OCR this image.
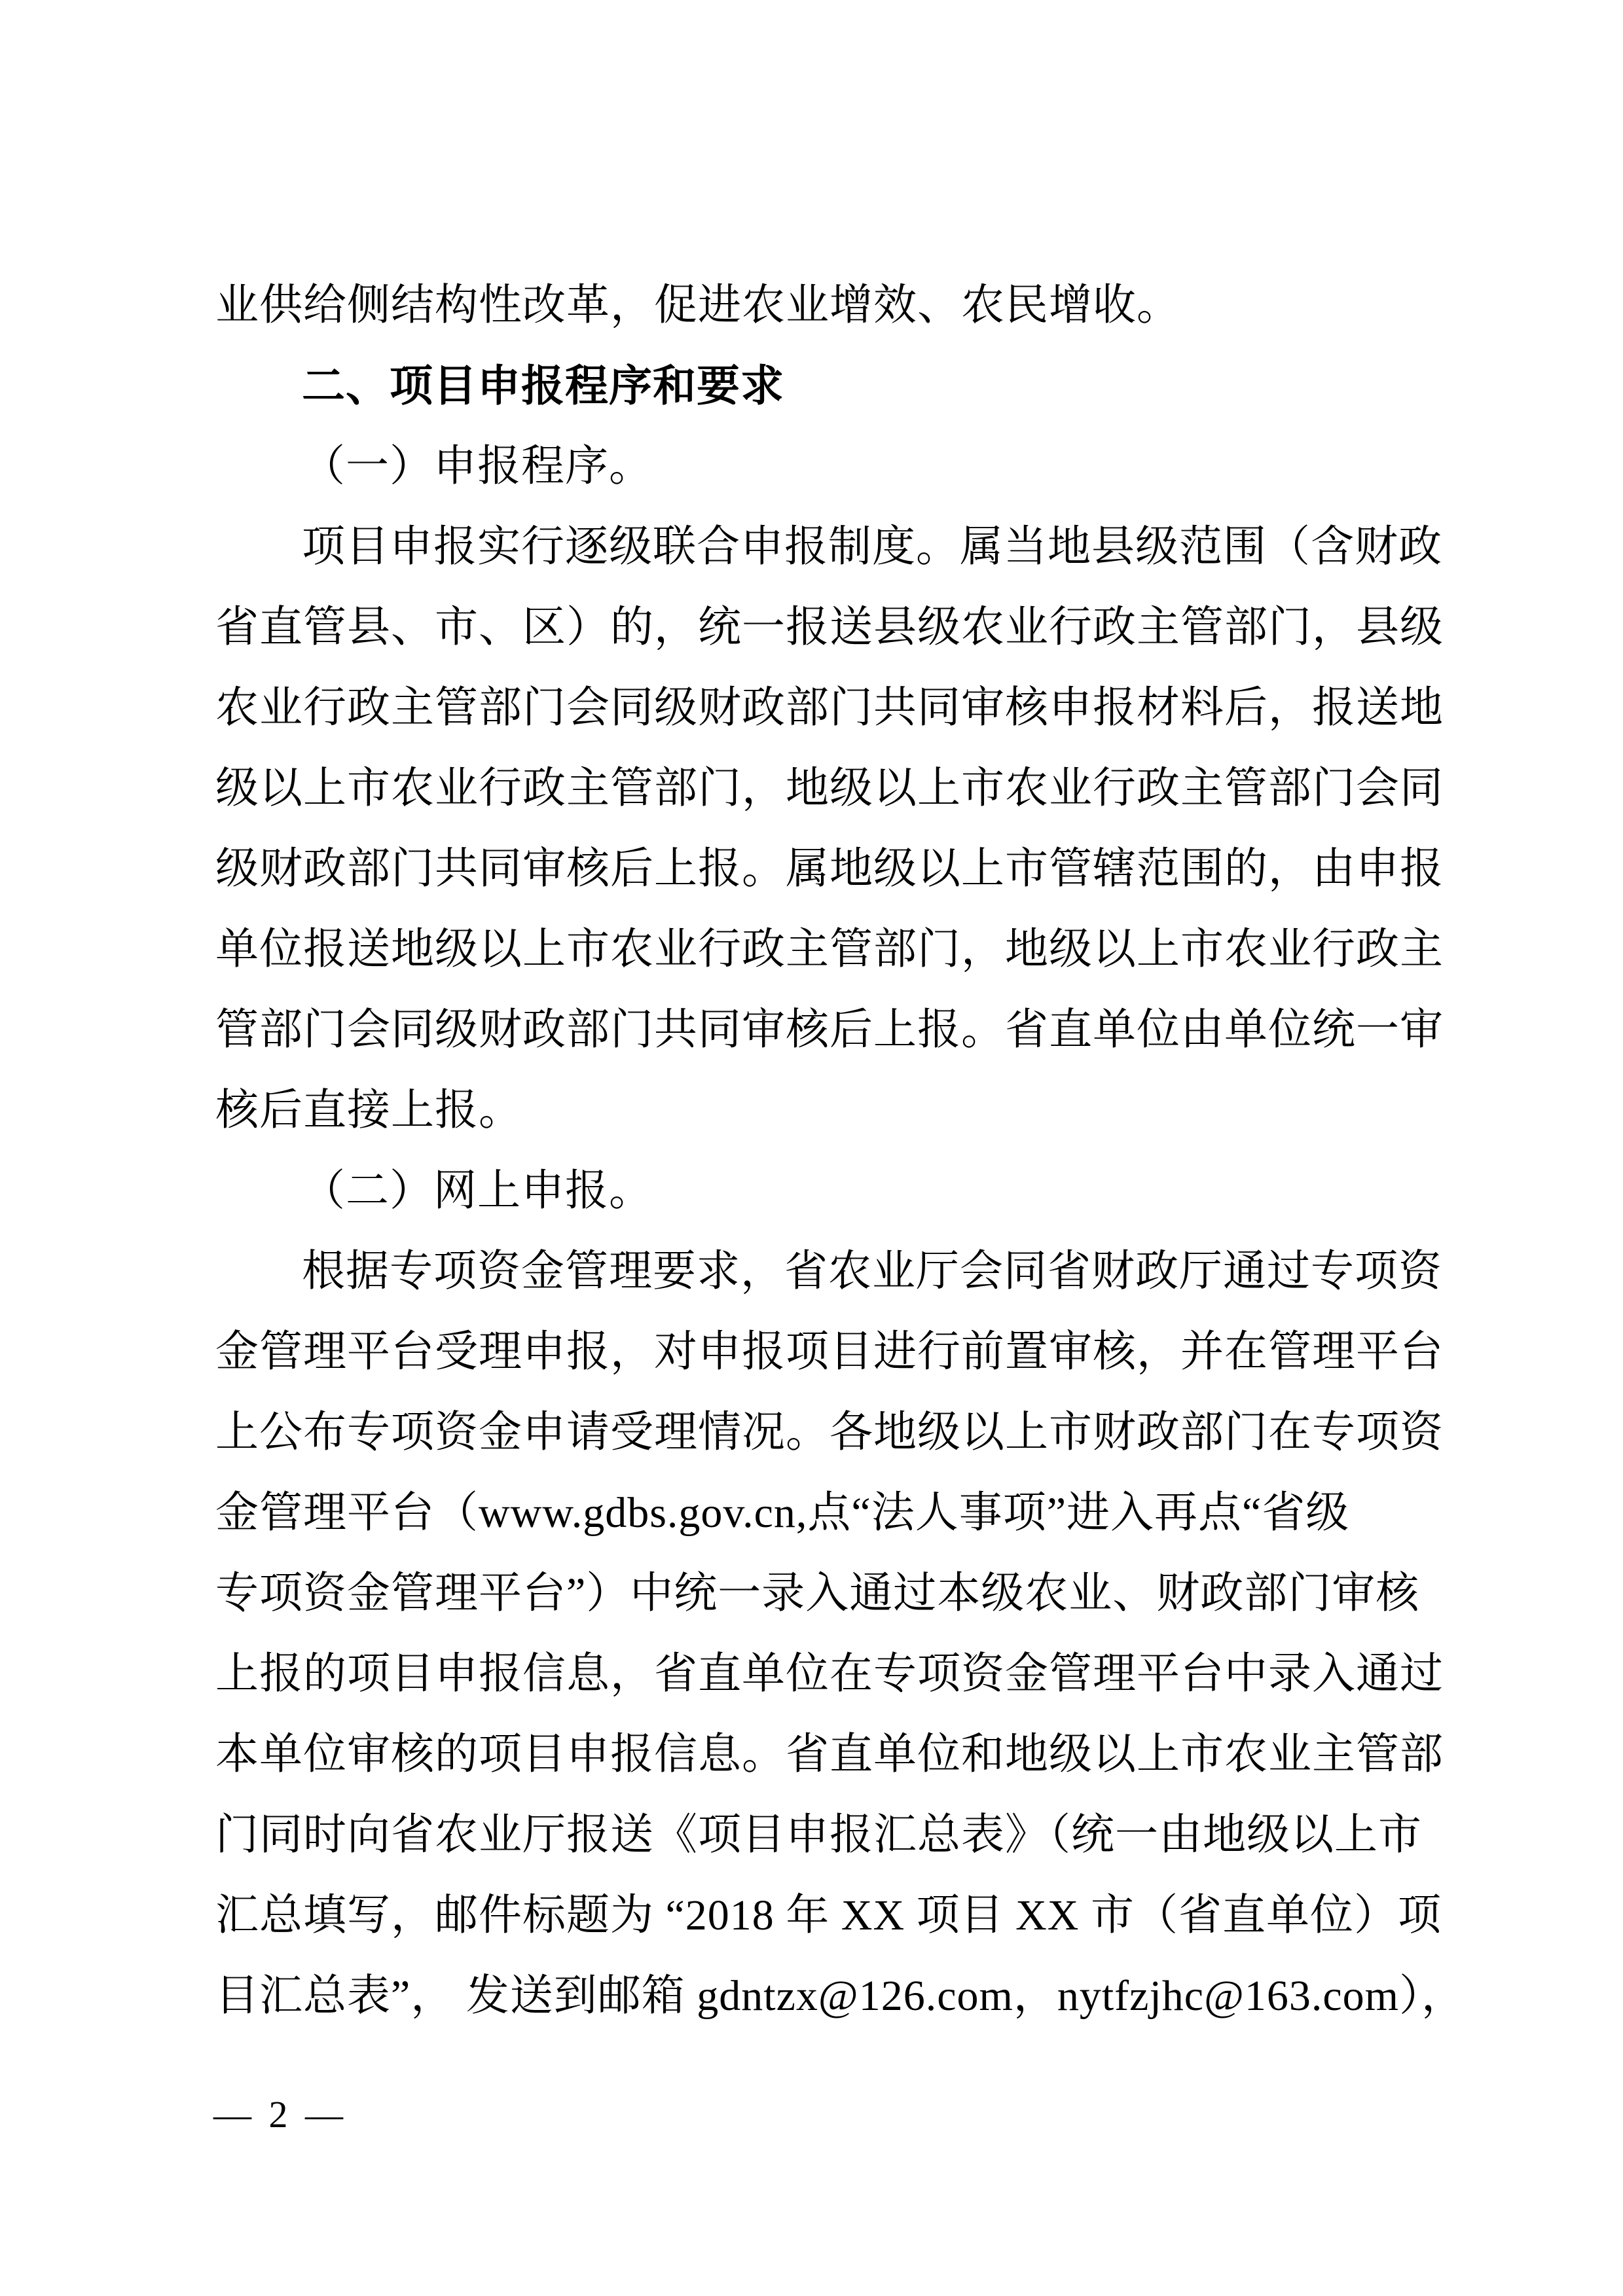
业供给侧结构性改革，促进农业增效、农民增收。
二、项目申报程序和要求
（一）申报程序。
项目申报实行逐级联合申报制度。属当地县级范围（含财政
省直管县、市、区）的，统一报送县级农业行政主管部门，县级
农业行政主管部门会同级财政部门共同审核申报材料后，报送地
级以上市农业行政主管部门，地级以上市农业行政主管部门会同
级财政部门共同审核后上报。属地级以上市管辖范围的，由申报
单位报送地级以上市农业行政主管部门，地级以上市农业行政主
管部门会同级财政部门共同审核后上报。省直单位由单位统一审
核后直接上报。
（二）网上申报。
根据专项资金管理要求，省农业厅会同省财政厅通过专项资
金管理平台受理申报，对申报项目进行前置审核，并在管理平台
上公布专项资金申请受理情况。各地级以上市财政部门在专项资
金管理平台（www.gdbs.gov.cn,点“法人事项”进入再点“省级
专项资金管理平台”）中统一录入通过本级农业、财政部门审核
上报的项目申报信息，省直单位在专项资金管理平台中录入通过
本单位审核的项目申报信息。省直单位和地级以上市农业主管部
门同时向省农业厅报送《项目申报汇总表》（统一由地级以上市
汇总填写，邮件标题为 “2018 年 XX 项目 XX 市（省直单位）项
目汇总表”， 发送到邮箱 gdntzx@126.com，nytfzjhc@163.com），
— 2 —
